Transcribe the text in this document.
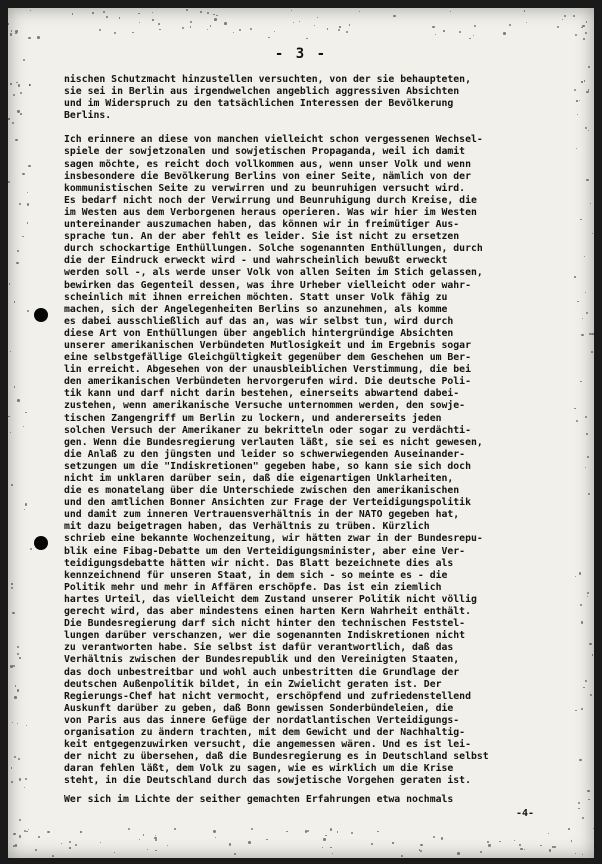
- 3 -
nischen Schutzmacht hinzustellen versuchten, von der sie behaupteten,
sie sei in Berlin aus irgendwelchen angeblich aggressiven Absichten
und im Widerspruch zu den tatsächlichen Interessen der Bevölkerung
Berlins.
Ich erinnere an diese von manchen vielleicht schon vergessenen Wechsel-
spiele der sowjetzonalen und sowjetischen Propaganda, weil ich damit
sagen möchte, es reicht doch vollkommen aus, wenn unser Volk und wenn
insbesondere die Bevölkerung Berlins von einer Seite, nämlich von der
kommunistischen Seite zu verwirren und zu beunruhigen versucht wird.
Es bedarf nicht noch der Verwirrung und Beunruhigung durch Kreise, die
im Westen aus dem Verborgenen heraus operieren. Was wir hier im Westen
untereinander auszumachen haben, das können wir in freimütiger Aus-
sprache tun. An der aber fehlt es leider. Sie ist nicht zu ersetzen
durch schockartige Enthüllungen. Solche sogenannten Enthüllungen, durch
die der Eindruck erweckt wird - und wahrscheinlich bewußt erweckt
werden soll -, als werde unser Volk von allen Seiten im Stich gelassen,
bewirken das Gegenteil dessen, was ihre Urheber vielleicht oder wahr-
scheinlich mit ihnen erreichen möchten. Statt unser Volk fähig zu
machen, sich der Angelegenheiten Berlins so anzunehmen, als komme
es dabei ausschließlich auf das an, was wir selbst tun, wird durch
diese Art von Enthüllungen über angeblich hintergründige Absichten
unserer amerikanischen Verbündeten Mutlosigkeit und im Ergebnis sogar
eine selbstgefällige Gleichgültigkeit gegenüber dem Geschehen um Ber-
lin erreicht. Abgesehen von der unausbleiblichen Verstimmung, die bei
den amerikanischen Verbündeten hervorgerufen wird. Die deutsche Poli-
tik kann und darf nicht darin bestehen, einerseits abwartend dabei-
zustehen, wenn amerikanische Versuche unternommen werden, den sowje-
tischen Zangengriff um Berlin zu lockern, und andererseits jeden
solchen Versuch der Amerikaner zu bekritteln oder sogar zu verdächti-
gen. Wenn die Bundesregierung verlauten läßt, sie sei es nicht gewesen,
die Anlaß zu den jüngsten und leider so schwerwiegenden Auseinander-
setzungen um die "Indiskretionen" gegeben habe, so kann sie sich doch
nicht im unklaren darüber sein, daß die eigenartigen Unklarheiten,
die es monatelang über die Unterschiede zwischen den amerikanischen
und den amtlichen Bonner Ansichten zur Frage der Verteidigungspolitik
und damit zum inneren Vertrauensverhältnis in der NATO gegeben hat,
mit dazu beigetragen haben, das Verhältnis zu trüben. Kürzlich
schrieb eine bekannte Wochenzeitung, wir hätten zwar in der Bundesrepu-
blik eine Fibag-Debatte um den Verteidigungsminister, aber eine Ver-
teidigungsdebatte hätten wir nicht. Das Blatt bezeichnete dies als
kennzeichnend für unseren Staat, in dem sich - so meinte es - die
Politik mehr und mehr in Affären erschöpfe. Das ist ein ziemlich
hartes Urteil, das vielleicht dem Zustand unserer Politik nicht völlig
gerecht wird, das aber mindestens einen harten Kern Wahrheit enthält.
Die Bundesregierung darf sich nicht hinter den technischen Feststel-
lungen darüber verschanzen, wer die sogenannten Indiskretionen nicht
zu verantworten habe. Sie selbst ist dafür verantwortlich, daß das
Verhältnis zwischen der Bundesrepublik und den Vereinigten Staaten,
das doch unbestreitbar und wohl auch unbestritten die Grundlage der
deutschen Außenpolitik bildet, in ein Zwielicht geraten ist. Der
Regierungs-Chef hat nicht vermocht, erschöpfend und zufriedenstellend
Auskunft darüber zu geben, daß Bonn gewissen Sonderbündeleien, die
von Paris aus das innere Gefüge der nordatlantischen Verteidigungs-
organisation zu ändern trachten, mit dem Gewicht und der Nachhaltig-
keit entgegenzuwirken versucht, die angemessen wären. Und es ist lei-
der nicht zu übersehen, daß die Bundesregierung es in Deutschland selbst
daran fehlen läßt, dem Volk zu sagen, wie es wirklich um die Krise
steht, in die Deutschland durch das sowjetische Vorgehen geraten ist.
Wer sich im Lichte der seither gemachten Erfahrungen etwa nochmals
-4-
